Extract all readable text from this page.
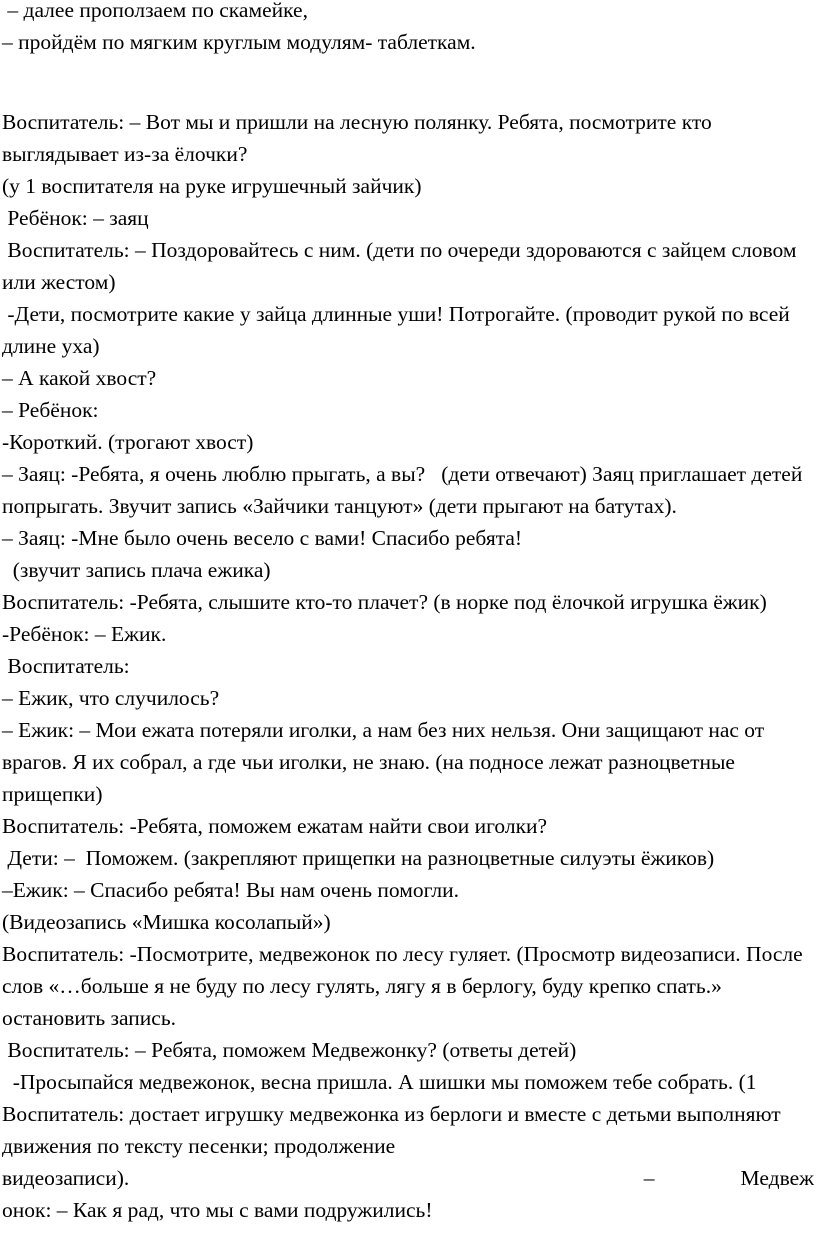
– далее проползаем по скамейке,

– пройдём по мягким круглым модулям- таблеткам.

Воспитатель: – Вот мы и пришли на лесную полянку. Ребята, посмотрите кто выглядывает из-за ёлочки?

(у 1 воспитателя на руке игрушечный зайчик)

Ребёнок: – заяц

Воспитатель: – Поздоровайтесь с ним. (дети по очереди здороваются с зайцем словом или жестом)

-Дети, посмотрите какие у зайца длинные уши! Потрогайте. (проводит рукой по всей длине уха)

– А какой хвост?

– Ребёнок:

-Короткий. (трогают хвост)

– Заяц: -Ребята, я очень люблю прыгать, а вы?   (дети отвечают) Заяц приглашает детей попрыгать. Звучит запись «Зайчики танцуют» (дети прыгают на батутах).

– Заяц: -Мне было очень весело с вами! Спасибо ребята!

(звучит запись плача ежика)

Воспитатель: -Ребята, слышите кто-то плачет? (в норке под ёлочкой игрушка ёжик)

-Ребёнок: – Ежик.

Воспитатель:

– Ежик, что случилось?

– Ежик: – Мои ежата потеряли иголки, а нам без них нельзя. Они защищают нас от врагов. Я их собрал, а где чьи иголки, не знаю. (на подносе лежат разноцветные прищепки)

Воспитатель: -Ребята, поможем ежатам найти свои иголки?

Дети: –  Поможем. (закрепляют прищепки на разноцветные силуэты ёжиков)

–Ежик: – Спасибо ребята! Вы нам очень помогли.

(Видеозапись «Мишка косолапый»)

Воспитатель: -Посмотрите, медвежонок по лесу гуляет. (Просмотр видеозаписи. После слов «…больше я не буду по лесу гулять, лягу я в берлогу, буду крепко спать.» остановить запись.

Воспитатель: – Ребята, поможем Медвежонку? (ответы детей)

-Просыпайся медвежонок, весна пришла. А шишки мы поможем тебе собрать. (1 Воспитатель: достает игрушку медвежонка из берлоги и вместе с детьми выполняют движения по тексту песенки; продолжение

видеозаписи).	–	Медвеж

онок: – Как я рад, что мы с вами подружились!
